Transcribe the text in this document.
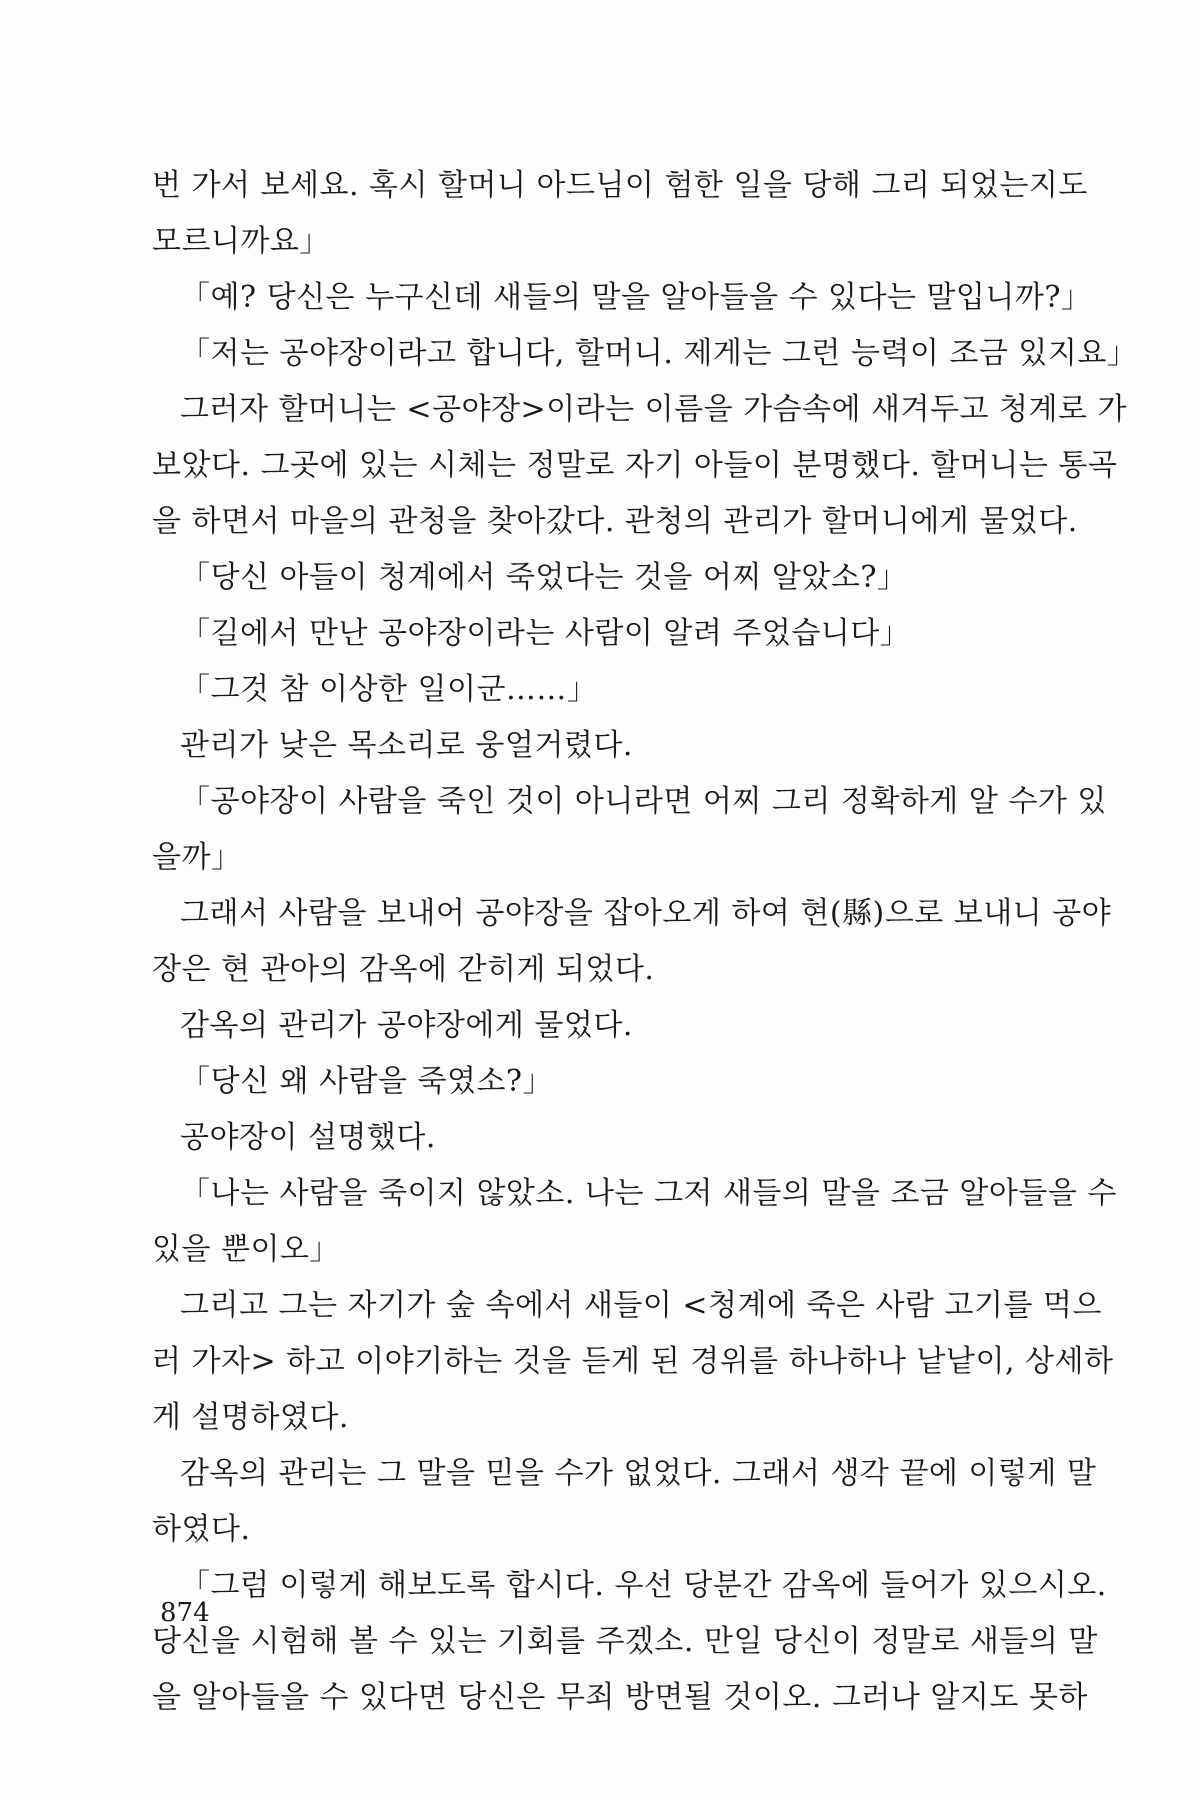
번 가서 보세요. 혹시 할머니 아드님이 험한 일을 당해 그리 되었는지도
모르니까요」
「예? 당신은 누구신데 새들의 말을 알아들을 수 있다는 말입니까?」
「저는 공야장이라고 합니다, 할머니. 제게는 그런 능력이 조금 있지요」
그러자 할머니는 <공야장>이라는 이름을 가슴속에 새겨두고 청계로 가
보았다. 그곳에 있는 시체는 정말로 자기 아들이 분명했다. 할머니는 통곡
을 하면서 마을의 관청을 찾아갔다. 관청의 관리가 할머니에게 물었다.
「당신 아들이 청계에서 죽었다는 것을 어찌 알았소?」
「길에서 만난 공야장이라는 사람이 알려 주었습니다」
「그것 참 이상한 일이군……」
관리가 낮은 목소리로 웅얼거렸다.
「공야장이 사람을 죽인 것이 아니라면 어찌 그리 정확하게 알 수가 있
을까」
그래서 사람을 보내어 공야장을 잡아오게 하여 현(縣)으로 보내니 공야
장은 현 관아의 감옥에 갇히게 되었다.
감옥의 관리가 공야장에게 물었다.
「당신 왜 사람을 죽였소?」
공야장이 설명했다.
「나는 사람을 죽이지 않았소. 나는 그저 새들의 말을 조금 알아들을 수
있을 뿐이오」
그리고 그는 자기가 숲 속에서 새들이 <청계에 죽은 사람 고기를 먹으
러 가자> 하고 이야기하는 것을 듣게 된 경위를 하나하나 낱낱이, 상세하
게 설명하였다.
감옥의 관리는 그 말을 믿을 수가 없었다. 그래서 생각 끝에 이렇게 말
하였다.
「그럼 이렇게 해보도록 합시다. 우선 당분간 감옥에 들어가 있으시오.
당신을 시험해 볼 수 있는 기회를 주겠소. 만일 당신이 정말로 새들의 말
을 알아들을 수 있다면 당신은 무죄 방면될 것이오. 그러나 알지도 못하
874
